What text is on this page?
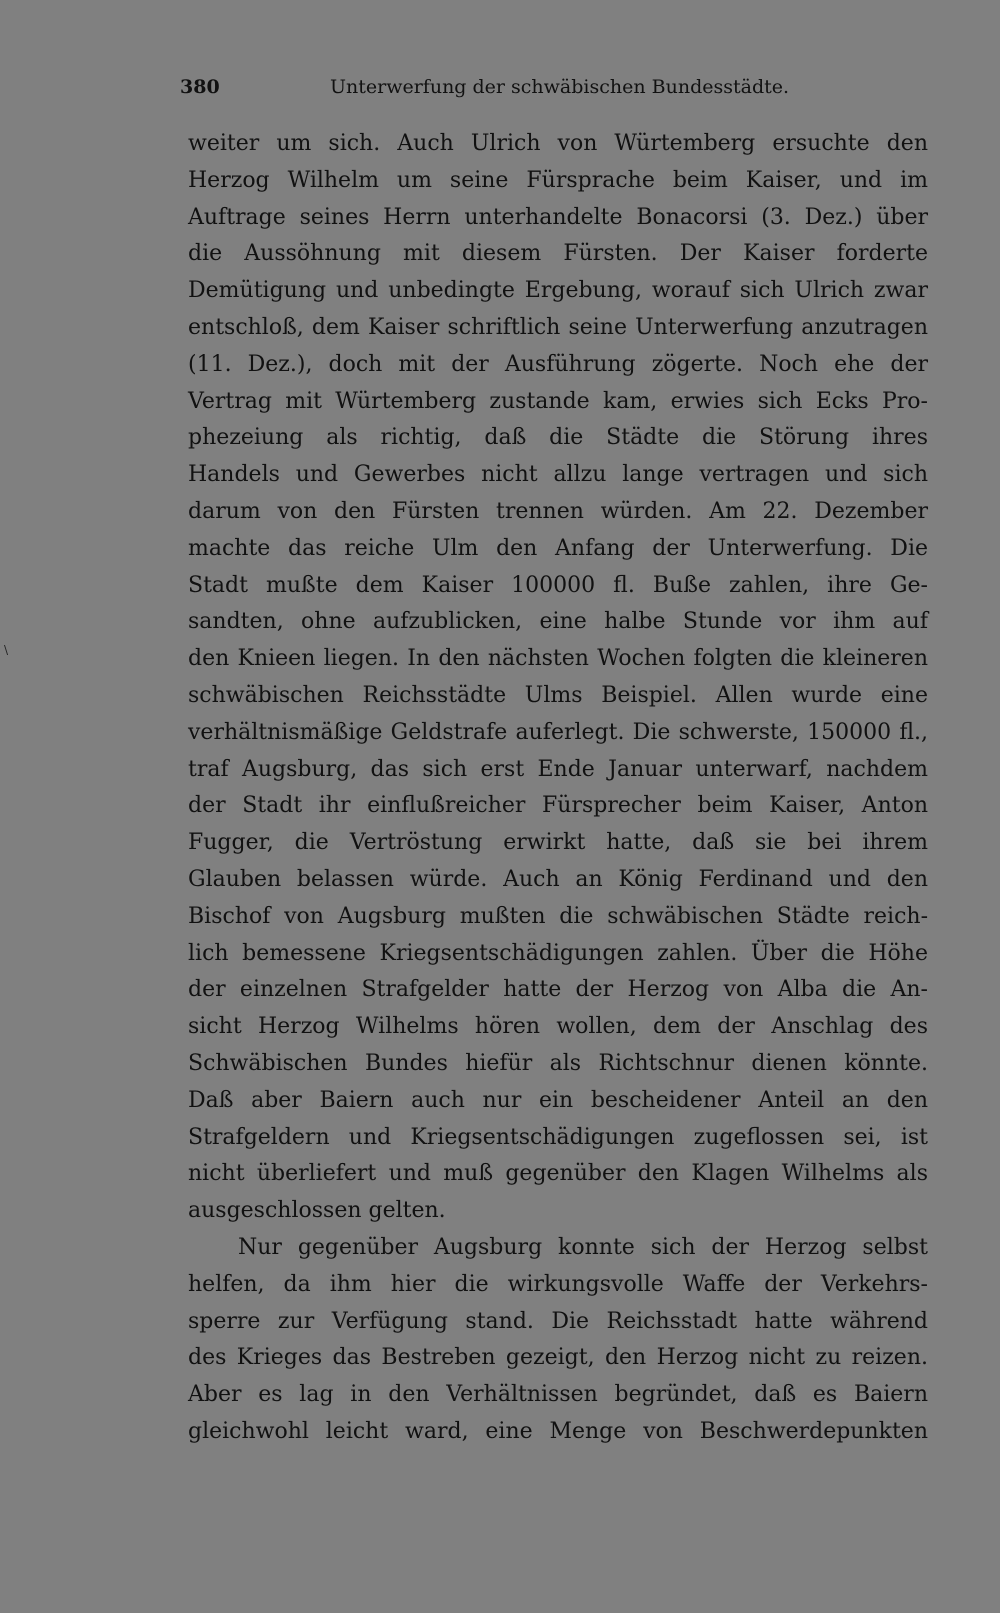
380	Unterwerfung der schwäbischen Bundesstädte.
\
weiter um sich. Auch Ulrich von Würtemberg ersuchte den
Herzog Wilhelm um seine Fürsprache beim Kaiser, und im
Auftrage seines Herrn unterhandelte Bonacorsi (3. Dez.) über
die Aussöhnung mit diesem Fürsten. Der Kaiser forderte
Demütigung und unbedingte Ergebung, worauf sich Ulrich zwar
entschloß, dem Kaiser schriftlich seine Unterwerfung anzutragen
(11. Dez.), doch mit der Ausführung zögerte. Noch ehe der
Vertrag mit Würtemberg zustande kam, erwies sich Ecks Pro-
phezeiung als richtig, daß die Städte die Störung ihres
Handels und Gewerbes nicht allzu lange vertragen und sich
darum von den Fürsten trennen würden. Am 22. Dezember
machte das reiche Ulm den Anfang der Unterwerfung. Die
Stadt mußte dem Kaiser 100000 fl. Buße zahlen, ihre Ge-
sandten, ohne aufzublicken, eine halbe Stunde vor ihm auf
den Knieen liegen. In den nächsten Wochen folgten die kleineren
schwäbischen Reichsstädte Ulms Beispiel. Allen wurde eine
verhältnismäßige Geldstrafe auferlegt. Die schwerste, 150000 fl.,
traf Augsburg, das sich erst Ende Januar unterwarf, nachdem
der Stadt ihr einflußreicher Fürsprecher beim Kaiser, Anton
Fugger, die Vertröstung erwirkt hatte, daß sie bei ihrem
Glauben belassen würde. Auch an König Ferdinand und den
Bischof von Augsburg mußten die schwäbischen Städte reich-
lich bemessene Kriegsentschädigungen zahlen. Über die Höhe
der einzelnen Strafgelder hatte der Herzog von Alba die An-
sicht Herzog Wilhelms hören wollen, dem der Anschlag des
Schwäbischen Bundes hiefür als Richtschnur dienen könnte.
Daß aber Baiern auch nur ein bescheidener Anteil an den
Strafgeldern und Kriegsentschädigungen zugeflossen sei, ist
nicht überliefert und muß gegenüber den Klagen Wilhelms als
ausgeschlossen gelten.
Nur gegenüber Augsburg konnte sich der Herzog selbst
helfen, da ihm hier die wirkungsvolle Waffe der Verkehrs-
sperre zur Verfügung stand. Die Reichsstadt hatte während
des Krieges das Bestreben gezeigt, den Herzog nicht zu reizen.
Aber es lag in den Verhältnissen begründet, daß es Baiern
gleichwohl leicht ward, eine Menge von Beschwerdepunkten
